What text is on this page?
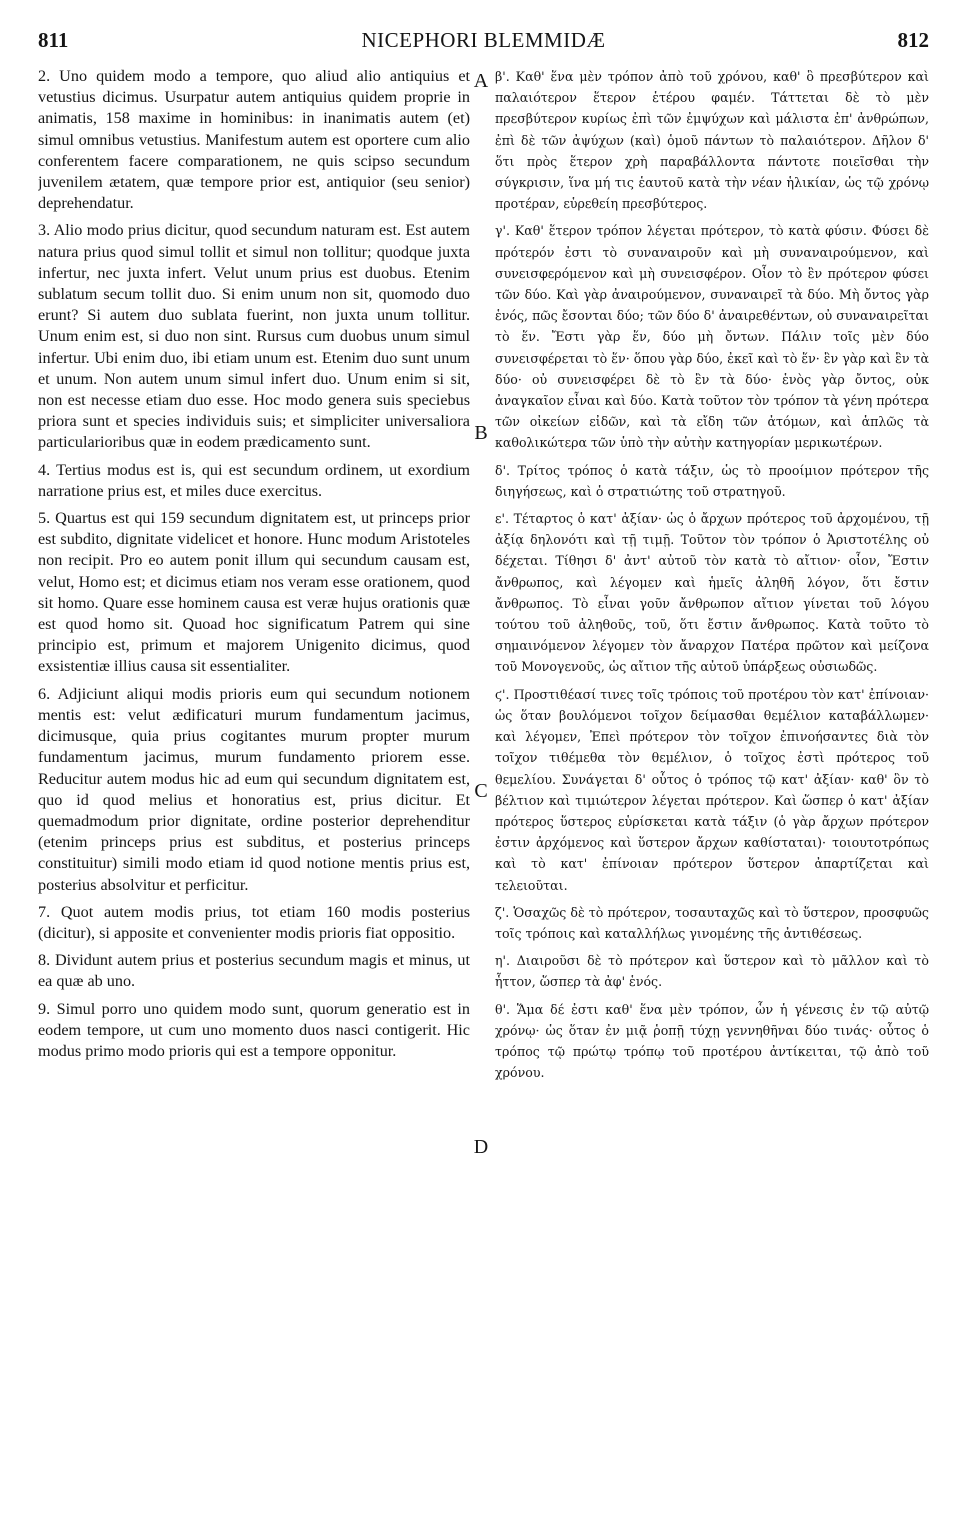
811	NICEPHORI BLEMMIDÆ	812

2. Uno quidem modo a tempore, quo aliud alio antiquius et vetustius dicimus. Usurpatur autem antiquius quidem proprie in animatis, 158 maxime in hominibus: in inanimatis autem (et) simul omnibus vetustius. Manifestum autem est oportere cum alio conferentem facere comparationem, ne quis scipso secundum juvenilem ætatem, quæ tempore prior est, antiquior (seu senior) deprehendatur.

3. Alio modo prius dicitur, quod secundum naturam est. Est autem natura prius quod simul tollit et simul non tollitur; quodque juxta infertur, nec juxta infert. Velut unum prius est duobus. Etenim sublatum secum tollit duo. Si enim unum non sit, quomodo duo erunt? Si autem duo sublata fuerint, non juxta unum tollitur. Unum enim est, si duo non sint. Rursus cum duobus unum simul infertur. Ubi enim duo, ibi etiam unum est. Etenim duo sunt unum et unum. Non autem unum simul infert duo. Unum enim si sit, non est necesse etiam duo esse. Hoc modo genera suis speciebus priora sunt et species individuis suis; et simpliciter universaliora particularioribus quæ in eodem prædicamento sunt.

4. Tertius modus est is, qui est secundum ordinem, ut exordium narratione prius est, et miles duce exercitus.

5. Quartus est qui 159 secundum dignitatem est, ut princeps prior est subdito, dignitate videlicet et honore. Hunc modum Aristoteles non recipit. Pro eo autem ponit illum qui secundum causam est, velut, Homo est; et dicimus etiam nos veram esse orationem, quod sit homo. Quare esse hominem causa est veræ hujus orationis quæ est quod homo sit. Quoad hoc significatum Patrem qui sine principio est, primum et majorem Unigenito dicimus, quod exsistentiæ illius causa sit essentialiter.

6. Adjiciunt aliqui modis prioris eum qui secundum notionem mentis est: velut ædificaturi murum fundamentum jacimus, dicimusque, quia prius cogitantes murum propter murum fundamentum jacimus, murum fundamento priorem esse. Reducitur autem modus hic ad eum qui secundum dignitatem est, quo id quod melius et honoratius est, prius dicitur. Et quemadmodum prior dignitate, ordine posterior deprehenditur (etenim princeps prius est subditus, et posterius princeps constituitur) simili modo etiam id quod notione mentis prius est, posterius absolvitur et perficitur.

7. Quot autem modis prius, tot etiam 160 modis posterius (dicitur), si apposite et convenienter modis prioris fiat oppositio.

8. Dividunt autem prius et posterius secundum magis et minus, ut ea quæ ab uno.

9. Simul porro uno quidem modo sunt, quorum generatio est in eodem tempore, ut cum uno momento duos nasci contigerit. Hic modus primo modo prioris qui est a tempore opponitur.

A
B
C
D

β'. Καθ' ἕνα μὲν τρόπον ἀπὸ τοῦ χρόνου, καθ' ὃ πρεσβύτερον καὶ παλαιότερον ἕτερον ἑτέρου φαμέν. Τάττεται δὲ τὸ μὲν πρεσβύτερον κυρίως ἐπὶ τῶν ἐμψύχων καὶ μάλιστα ἐπ' ἀνθρώπων, ἐπὶ δὲ τῶν ἀψύχων (καὶ) ὁμοῦ πάντων τὸ παλαιότερον. Δῆλον δ' ὅτι πρὸς ἕτερον χρὴ παραβάλλοντα πάντοτε ποιεῖσθαι τὴν σύγκρισιν, ἵνα μή τις ἑαυτοῦ κατὰ τὴν νέαν ἡλικίαν, ὡς τῷ χρόνῳ προτέραν, εὑρεθείη πρεσβύτερος.

γ'. Καθ' ἕτερον τρόπον λέγεται πρότερον, τὸ κατὰ φύσιν. Φύσει δὲ πρότερόν ἐστι τὸ συναναιροῦν καὶ μὴ συναναιρούμενον, καὶ συνεισφερόμενον καὶ μὴ συνεισφέρον. Οἷον τὸ ἓν πρότερον φύσει τῶν δύο. Καὶ γὰρ ἀναιρούμενον, συναναιρεῖ τὰ δύο. Μὴ ὄντος γὰρ ἑνός, πῶς ἔσονται δύο; τῶν δύο δ' ἀναιρεθέντων, οὐ συναναιρεῖται τὸ ἕν. Ἔστι γὰρ ἕν, δύο μὴ ὄντων. Πάλιν τοῖς μὲν δύο συνεισφέρεται τὸ ἕν· ὅπου γὰρ δύο, ἐκεῖ καὶ τὸ ἕν· ἓν γὰρ καὶ ἓν τὰ δύο· οὐ συνεισφέρει δὲ τὸ ἓν τὰ δύο· ἑνὸς γὰρ ὄντος, οὐκ ἀναγκαῖον εἶναι καὶ δύο. Κατὰ τοῦτον τὸν τρόπον τὰ γένη πρότερα τῶν οἰκείων εἰδῶν, καὶ τὰ εἴδη τῶν ἀτόμων, καὶ ἁπλῶς τὰ καθολικώτερα τῶν ὑπὸ τὴν αὐτὴν κατηγορίαν μερικωτέρων.

δ'. Τρίτος τρόπος ὁ κατὰ τάξιν, ὡς τὸ προοίμιον πρότερον τῆς διηγήσεως, καὶ ὁ στρατιώτης τοῦ στρατηγοῦ.

ε'. Τέταρτος ὁ κατ' ἀξίαν· ὡς ὁ ἄρχων πρότερος τοῦ ἀρχομένου, τῇ ἀξίᾳ δηλονότι καὶ τῇ τιμῇ. Τοῦτον τὸν τρόπον ὁ Ἀριστοτέλης οὐ δέχεται. Τίθησι δ' ἀντ' αὐτοῦ τὸν κατὰ τὸ αἴτιον· οἷον, Ἔστιν ἄνθρωπος, καὶ λέγομεν καὶ ἡμεῖς ἀληθῆ λόγον, ὅτι ἔστιν ἄνθρωπος. Τὸ εἶναι γοῦν ἄνθρωπον αἴτιον γίνεται τοῦ λόγου τούτου τοῦ ἀληθοῦς, τοῦ, ὅτι ἔστιν ἄνθρωπος. Κατὰ τοῦτο τὸ σημαινόμενον λέγομεν τὸν ἄναρχον Πατέρα πρῶτον καὶ μείζονα τοῦ Μονογενοῦς, ὡς αἴτιον τῆς αὐτοῦ ὑπάρξεως οὐσιωδῶς.

ϛ'. Προστιθέασί τινες τοῖς τρόποις τοῦ προτέρου τὸν κατ' ἐπίνοιαν· ὡς ὅταν βουλόμενοι τοῖχον δείμασθαι θεμέλιον καταβάλλωμεν· καὶ λέγομεν, Ἐπεὶ πρότερον τὸν τοῖχον ἐπινοήσαντες διὰ τὸν τοῖχον τιθέμεθα τὸν θεμέλιον, ὁ τοῖχος ἐστὶ πρότερος τοῦ θεμελίου. Συνάγεται δ' οὗτος ὁ τρόπος τῷ κατ' ἀξίαν· καθ' ὃν τὸ βέλτιον καὶ τιμιώτερον λέγεται πρότερον. Καὶ ὥσπερ ὁ κατ' ἀξίαν πρότερος ὕστερος εὑρίσκεται κατὰ τάξιν (ὁ γὰρ ἄρχων πρότερον ἐστιν ἀρχόμενος καὶ ὕστερον ἄρχων καθίσταται)· τοιουτοτρόπως καὶ τὸ κατ' ἐπίνοιαν πρότερον ὕστερον ἀπαρτίζεται καὶ τελειοῦται.

ζ'. Ὁσαχῶς δὲ τὸ πρότερον, τοσαυταχῶς καὶ τὸ ὕστερον, προσφυῶς τοῖς τρόποις καὶ καταλλήλως γινομένης τῆς ἀντιθέσεως.

η'. Διαιροῦσι δὲ τὸ πρότερον καὶ ὕστερον καὶ τὸ μᾶλλον καὶ τὸ ἧττον, ὥσπερ τὰ ἀφ' ἑνός.

θ'. Ἅμα δέ ἐστι καθ' ἕνα μὲν τρόπον, ὧν ἡ γένεσις ἐν τῷ αὐτῷ χρόνῳ· ὡς ὅταν ἐν μιᾷ ῥοπῇ τύχῃ γεννηθῆναι δύο τινάς· οὗτος ὁ τρόπος τῷ πρώτῳ τρόπῳ τοῦ προτέρου ἀντίκειται, τῷ ἀπὸ τοῦ χρόνου.
